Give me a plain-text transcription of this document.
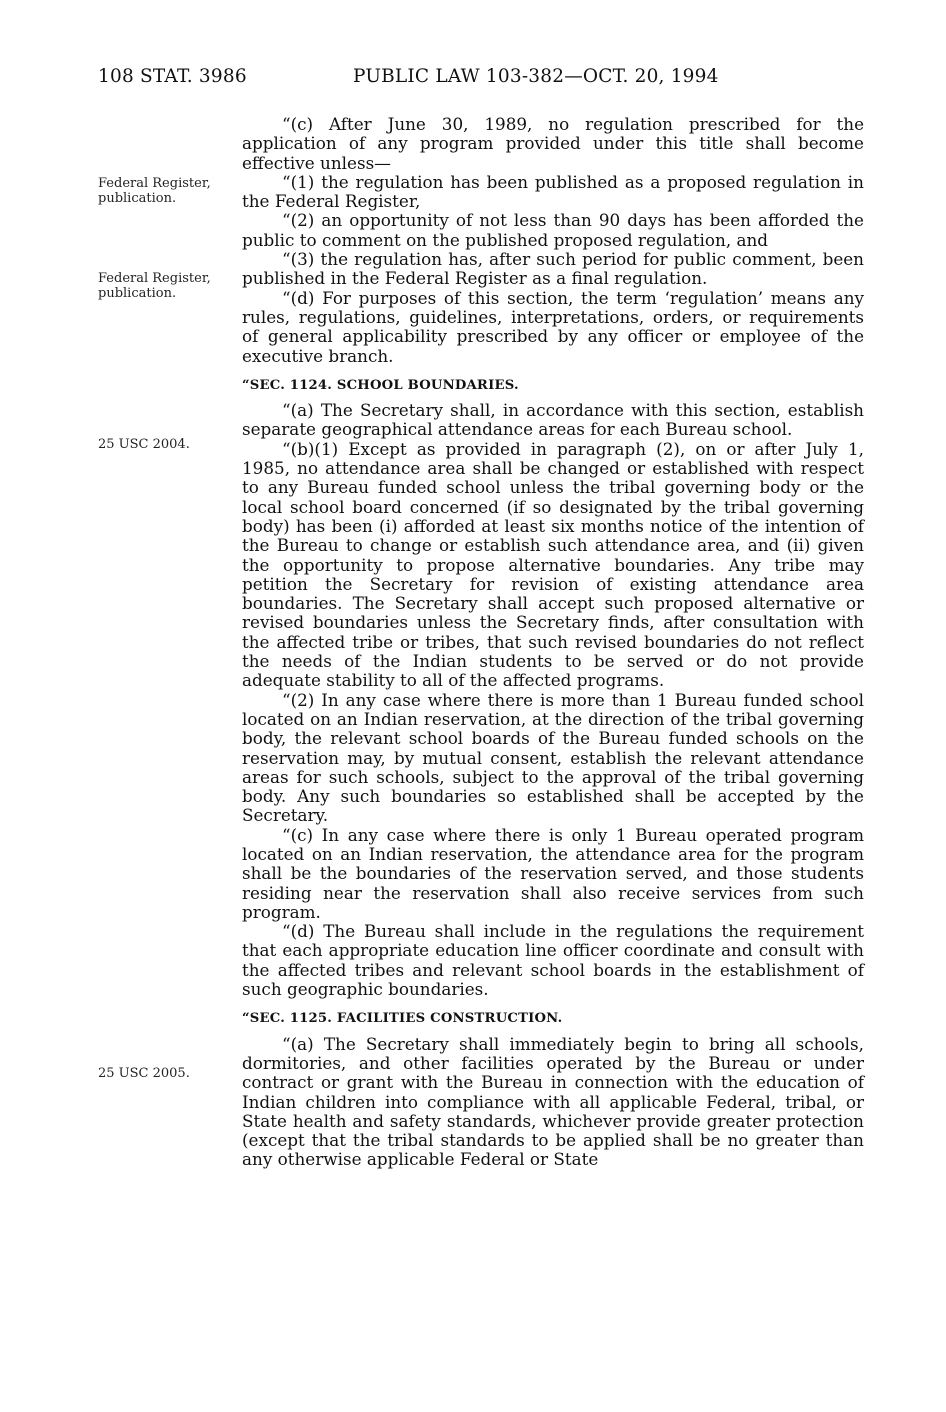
108 STAT. 3986	PUBLIC LAW 103-382—OCT. 20, 1994
Federal Register, publication.
Federal Register, publication.
25 USC 2004.
25 USC 2005.

“(c) After June 30, 1989, no regulation prescribed for the application of any program provided under this title shall become effective unless—

“(1) the regulation has been published as a proposed regulation in the Federal Register,

“(2) an opportunity of not less than 90 days has been afforded the public to comment on the published proposed regulation, and

“(3) the regulation has, after such period for public comment, been published in the Federal Register as a final regulation.

“(d) For purposes of this section, the term ‘regulation’ means any rules, regulations, guidelines, interpretations, orders, or requirements of general applicability prescribed by any officer or employee of the executive branch.

“SEC. 1124. SCHOOL BOUNDARIES.

“(a) The Secretary shall, in accordance with this section, establish separate geographical attendance areas for each Bureau school.

“(b)(1) Except as provided in paragraph (2), on or after July 1, 1985, no attendance area shall be changed or established with respect to any Bureau funded school unless the tribal governing body or the local school board concerned (if so designated by the tribal governing body) has been (i) afforded at least six months notice of the intention of the Bureau to change or establish such attendance area, and (ii) given the opportunity to propose alternative boundaries. Any tribe may petition the Secretary for revision of existing attendance area boundaries. The Secretary shall accept such proposed alternative or revised boundaries unless the Secretary finds, after consultation with the affected tribe or tribes, that such revised boundaries do not reflect the needs of the Indian students to be served or do not provide adequate stability to all of the affected programs.

“(2) In any case where there is more than 1 Bureau funded school located on an Indian reservation, at the direction of the tribal governing body, the relevant school boards of the Bureau funded schools on the reservation may, by mutual consent, establish the relevant attendance areas for such schools, subject to the approval of the tribal governing body. Any such boundaries so established shall be accepted by the Secretary.

“(c) In any case where there is only 1 Bureau operated program located on an Indian reservation, the attendance area for the program shall be the boundaries of the reservation served, and those students residing near the reservation shall also receive services from such program.

“(d) The Bureau shall include in the regulations the requirement that each appropriate education line officer coordinate and consult with the affected tribes and relevant school boards in the establishment of such geographic boundaries.

“SEC. 1125. FACILITIES CONSTRUCTION.

“(a) The Secretary shall immediately begin to bring all schools, dormitories, and other facilities operated by the Bureau or under contract or grant with the Bureau in connection with the education of Indian children into compliance with all applicable Federal, tribal, or State health and safety standards, whichever provide greater protection (except that the tribal standards to be applied shall be no greater than any otherwise applicable Federal or State
